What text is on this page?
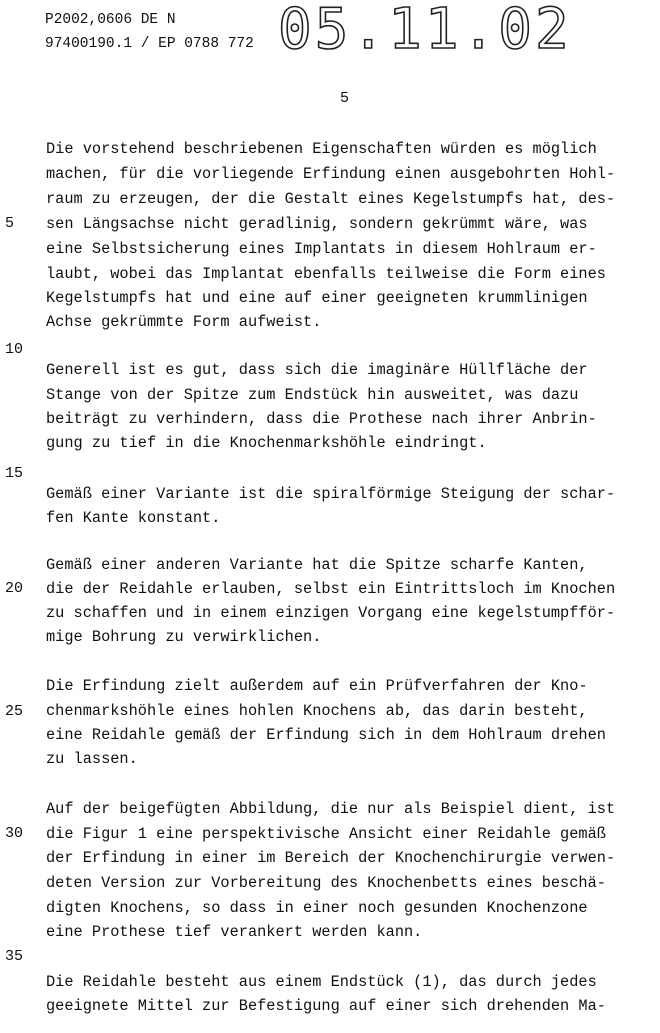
P2002,0606 DE N
97400190.1 / EP 0788 772 05.11.02
5
5
10
15
20
25
30
35
Die vorstehend beschriebenen Eigenschaften würden es möglich
machen, für die vorliegende Erfindung einen ausgebohrten Hohl-
raum zu erzeugen, der die Gestalt eines Kegelstumpfs hat, des-
sen Längsachse nicht geradlinig, sondern gekrümmt wäre, was
eine Selbstsicherung eines Implantats in diesem Hohlraum er-
laubt, wobei das Implantat ebenfalls teilweise die Form eines
Kegelstumpfs hat und eine auf einer geeigneten krummlinigen
Achse gekrümmte Form aufweist.
Generell ist es gut, dass sich die imaginäre Hüllfläche der
Stange von der Spitze zum Endstück hin ausweitet, was dazu
beiträgt zu verhindern, dass die Prothese nach ihrer Anbrin-
gung zu tief in die Knochenmarkshöhle eindringt.
Gemäß einer Variante ist die spiralförmige Steigung der schar-
fen Kante konstant.
Gemäß einer anderen Variante hat die Spitze scharfe Kanten,
die der Reidahle erlauben, selbst ein Eintrittsloch im Knochen
zu schaffen und in einem einzigen Vorgang eine kegelstumpfför-
mige Bohrung zu verwirklichen.
Die Erfindung zielt außerdem auf ein Prüfverfahren der Kno-
chenmarkshöhle eines hohlen Knochens ab, das darin besteht,
eine Reidahle gemäß der Erfindung sich in dem Hohlraum drehen
zu lassen.
Auf der beigefügten Abbildung, die nur als Beispiel dient, ist
die Figur 1 eine perspektivische Ansicht einer Reidahle gemäß
der Erfindung in einer im Bereich der Knochenchirurgie verwen-
deten Version zur Vorbereitung des Knochenbetts eines beschä-
digten Knochens, so dass in einer noch gesunden Knochenzone
eine Prothese tief verankert werden kann.
Die Reidahle besteht aus einem Endstück (1), das durch jedes
geeignete Mittel zur Befestigung auf einer sich drehenden Ma-
